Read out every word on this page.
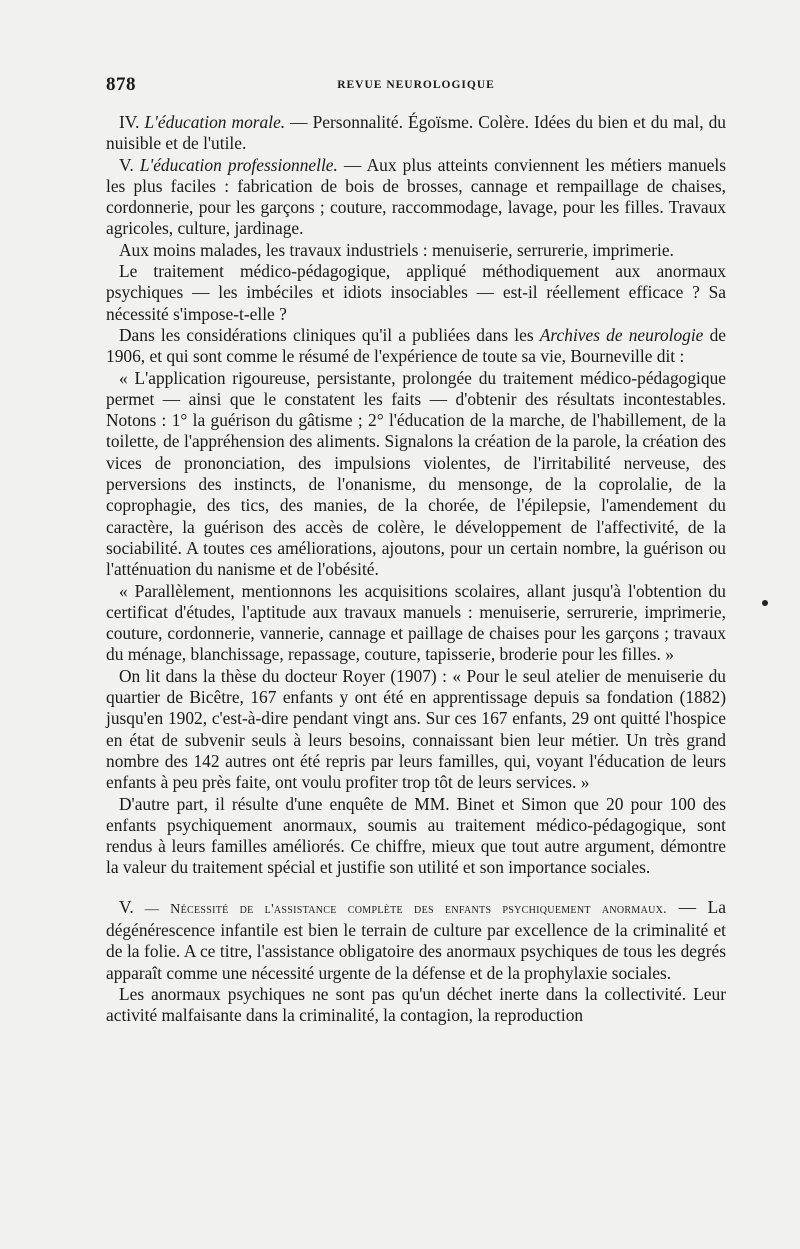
878	REVUE NEUROLOGIQUE

IV. L'éducation morale. — Personnalité. Égoïsme. Colère. Idées du bien et du mal, du nuisible et de l'utile.

V. L'éducation professionnelle. — Aux plus atteints conviennent les métiers manuels les plus faciles : fabrication de bois de brosses, cannage et rempaillage de chaises, cordonnerie, pour les garçons ; couture, raccommodage, lavage, pour les filles. Travaux agricoles, culture, jardinage.

Aux moins malades, les travaux industriels : menuiserie, serrurerie, imprimerie.

Le traitement médico-pédagogique, appliqué méthodiquement aux anormaux psychiques — les imbéciles et idiots insociables — est-il réellement efficace ? Sa nécessité s'impose-t-elle ?

Dans les considérations cliniques qu'il a publiées dans les Archives de neurologie de 1906, et qui sont comme le résumé de l'expérience de toute sa vie, Bourneville dit :

« L'application rigoureuse, persistante, prolongée du traitement médico-pédagogique permet — ainsi que le constatent les faits — d'obtenir des résultats incontestables. Notons : 1° la guérison du gâtisme ; 2° l'éducation de la marche, de l'habillement, de la toilette, de l'appréhension des aliments. Signalons la création de la parole, la création des vices de prononciation, des impulsions violentes, de l'irritabilité nerveuse, des perversions des instincts, de l'onanisme, du mensonge, de la coprolalie, de la coprophagie, des tics, des manies, de la chorée, de l'épilepsie, l'amendement du caractère, la guérison des accès de colère, le développement de l'affectivité, de la sociabilité. A toutes ces améliorations, ajoutons, pour un certain nombre, la guérison ou l'atténuation du nanisme et de l'obésité.

« Parallèlement, mentionnons les acquisitions scolaires, allant jusqu'à l'obtention du certificat d'études, l'aptitude aux travaux manuels : menuiserie, serrurerie, imprimerie, couture, cordonnerie, vannerie, cannage et paillage de chaises pour les garçons ; travaux du ménage, blanchissage, repassage, couture, tapisserie, broderie pour les filles. »

On lit dans la thèse du docteur Royer (1907) : « Pour le seul atelier de menuiserie du quartier de Bicêtre, 167 enfants y ont été en apprentissage depuis sa fondation (1882) jusqu'en 1902, c'est-à-dire pendant vingt ans. Sur ces 167 enfants, 29 ont quitté l'hospice en état de subvenir seuls à leurs besoins, connaissant bien leur métier. Un très grand nombre des 142 autres ont été repris par leurs familles, qui, voyant l'éducation de leurs enfants à peu près faite, ont voulu profiter trop tôt de leurs services. »

D'autre part, il résulte d'une enquête de MM. Binet et Simon que 20 pour 100 des enfants psychiquement anormaux, soumis au traitement médico-pédagogique, sont rendus à leurs familles améliorés. Ce chiffre, mieux que tout autre argument, démontre la valeur du traitement spécial et justifie son utilité et son importance sociales.

V. — Nécessité de l'assistance complète des enfants psychiquement anormaux. — La dégénérescence infantile est bien le terrain de culture par excellence de la criminalité et de la folie. A ce titre, l'assistance obligatoire des anormaux psychiques de tous les degrés apparaît comme une nécessité urgente de la défense et de la prophylaxie sociales.

Les anormaux psychiques ne sont pas qu'un déchet inerte dans la collectivité. Leur activité malfaisante dans la criminalité, la contagion, la reproduction
